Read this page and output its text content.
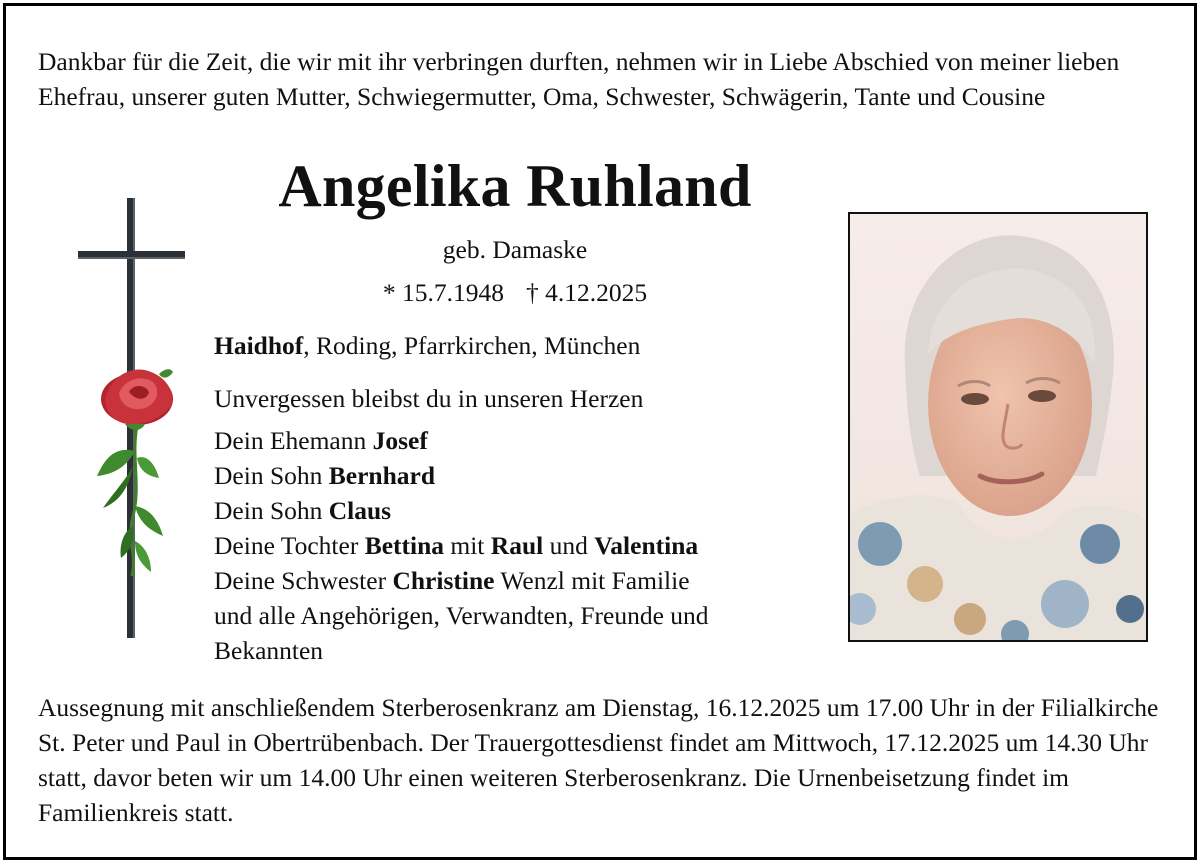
Dankbar für die Zeit, die wir mit ihr verbringen durften, nehmen wir in Liebe Abschied von meiner lieben Ehefrau, unserer guten Mutter, Schwiegermutter, Oma, Schwester, Schwägerin, Tante und Cousine
Angelika Ruhland
geb. Damaske
* 15.7.1948 † 4.12.2025
Haidhof, Roding, Pfarrkirchen, München
Unvergessen bleibst du in unseren Herzen
Dein Ehemann Josef
Dein Sohn Bernhard
Dein Sohn Claus
Deine Tochter Bettina mit Raul und Valentina
Deine Schwester Christine Wenzl mit Familie
und alle Angehörigen, Verwandten, Freunde und Bekannten
Aussegnung mit anschließendem Sterberosenkranz am Dienstag, 16.12.2025 um 17.00 Uhr in der Filialkirche St. Peter und Paul in Obertrübenbach. Der Trauergottesdienst findet am Mittwoch, 17.12.2025 um 14.30 Uhr statt, davor beten wir um 14.00 Uhr einen weiteren Sterberosenkranz. Die Urnenbeisetzung findet im Familienkreis statt.
